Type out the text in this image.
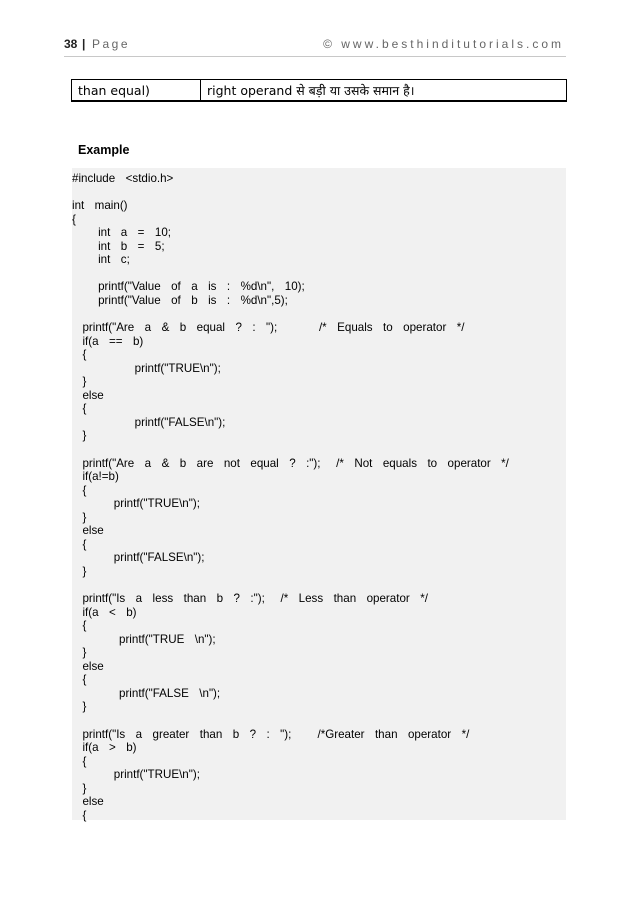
38 | Page	© www.besthinditutorials.com
than equal)	right operand से बड़ी या उसके समान है।
Example
#include  <stdio.h>
int  main()
{
int  a  =  10;
int  b  =  5;
int  c;
printf("Value  of  a  is  :  %d\n",  10);
printf("Value  of  b  is  :  %d\n",5);
printf("Are  a  &  b  equal  ?  :  ");        /*  Equals  to  operator  */
if(a  ==  b)
{
printf("TRUE\n");
}
else
{
printf("FALSE\n");
}
printf("Are  a  &  b  are  not  equal  ?  :");   /*  Not  equals  to  operator  */
if(a!=b)
{
printf("TRUE\n");
}
else
{
printf("FALSE\n");
}
printf("Is  a  less  than  b  ?  :");   /*  Less  than  operator  */
if(a  <  b)
{
printf("TRUE  \n");
}
else
{
printf("FALSE  \n");
}
printf("Is  a  greater  than  b  ?  :  ");     /*Greater  than  operator  */
if(a  >  b)
{
printf("TRUE\n");
}
else
{
